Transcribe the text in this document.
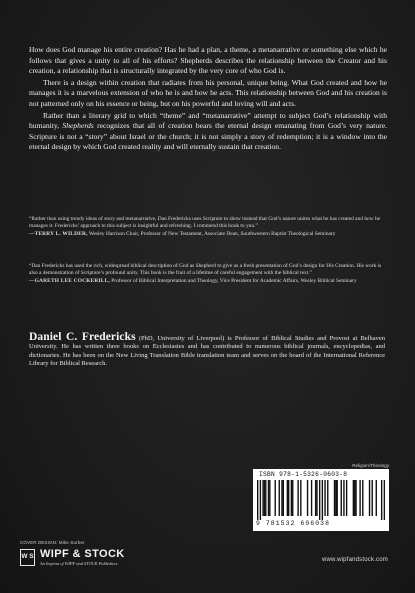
How does God manage his entire creation? Has he had a plan, a theme, a metanarrative or something else which he follows that gives a unity to all of his efforts? Shepherds describes the relationship between the Creator and his creation, a relationship that is structurally integrated by the very core of who God is.

There is a design within creation that radiates from his personal, unique being. What God created and how he manages it is a marvelous extension of who he is and how he acts. This relationship between God and his creation is not patterned only on his essence or being, but on his powerful and loving will and acts.

Rather than a literary grid to which “theme” and “metanarrative” attempt to subject God’s relationship with humanity, Shepherds recognizes that all of creation bears the eternal design emanating from God’s very nature. Scripture is not a “story” about Israel or the church; it is not simply a story of redemption; it is a window into the eternal design by which God created reality and will eternally sustain that creation.

“Rather than using trendy ideas of story and metanarrative, Dan Fredericks uses Scripture to show instead that God’s nature unites what he has created and how he manages it. Fredericks’ approach to this subject is insightful and refreshing. I commend this book to you.”

—TERRY L. WILDER, Wesley Harrison Chair, Professor of New Testament, Associate Dean, Southwestern Baptist Theological Seminary

“Dan Fredericks has used the rich, widespread biblical description of God as Shepherd to give us a fresh presentation of God’s design for His Creation. His work is also a demonstration of Scripture’s profound unity. This book is the fruit of a lifetime of careful engagement with the biblical text.”

—GARETH LEE COCKERILL, Professor of Biblical Interpretation and Theology, Vice President for Academic Affairs, Wesley Biblical Seminary

Daniel C. Fredericks (PhD, University of Liverpool) is Professor of Biblical Studies and Provost at Belhaven University. He has written three books on Ecclesiastes and has contributed to numerous biblical journals, encyclopedias, and dictionaries. He has been on the New Living Translation Bible translation team and serves on the board of the International Reference Library for Biblical Research.
Religion/Theology
ISBN 978-1-5326-0603-8
9 781532 606038
COVER DESIGN: Mike Surber
W S WIPF & STOCK
An Imprint of WIPF and STOCK Publishers
www.wipfandstock.com
